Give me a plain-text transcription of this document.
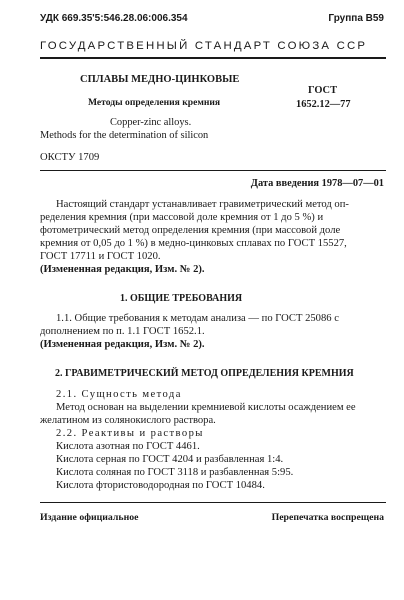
УДК 669.35'5:546.28.06:006.354	Группа B59
ГОСУДАРСТВЕННЫЙ СТАНДАРТ СОЮЗА ССР
СПЛАВЫ МЕДНО-ЦИНКОВЫЕ
Методы определения кремния
Copper-zinc alloys.
Methods for the determination of silicon
ГОСТ
1652.12—77
ОКСТУ 1709
Дата введения 1978—07—01
Настоящий стандарт устанавливает гравиметрический метод оп-
ределения кремния (при массовой доле кремния от 1 до 5 %) и
фотометрический метод определения кремния (при массовой доле
кремния от 0,05 до 1 %) в медно-цинковых сплавах по ГОСТ 15527,
ГОСТ 17711 и ГОСТ 1020.
(Измененная редакция, Изм. № 2).
1. ОБЩИЕ ТРЕБОВАНИЯ
1.1. Общие требования к методам анализа — по ГОСТ 25086 с
дополнением по п. 1.1 ГОСТ 1652.1.
(Измененная редакция, Изм. № 2).
2. ГРАВИМЕТРИЧЕСКИЙ МЕТОД ОПРЕДЕЛЕНИЯ КРЕМНИЯ
2.1. Сущность метода
Метод основан на выделении кремниевой кислоты осаждением ее
желатином из солянокислого раствора.
2.2. Реактивы и растворы
Кислота азотная по ГОСТ 4461.
Кислота серная по ГОСТ 4204 и разбавленная 1:4.
Кислота соляная по ГОСТ 3118 и разбавленная 5:95.
Кислота фтористоводородная по ГОСТ 10484.
Издание официальное	Перепечатка воспрещена
